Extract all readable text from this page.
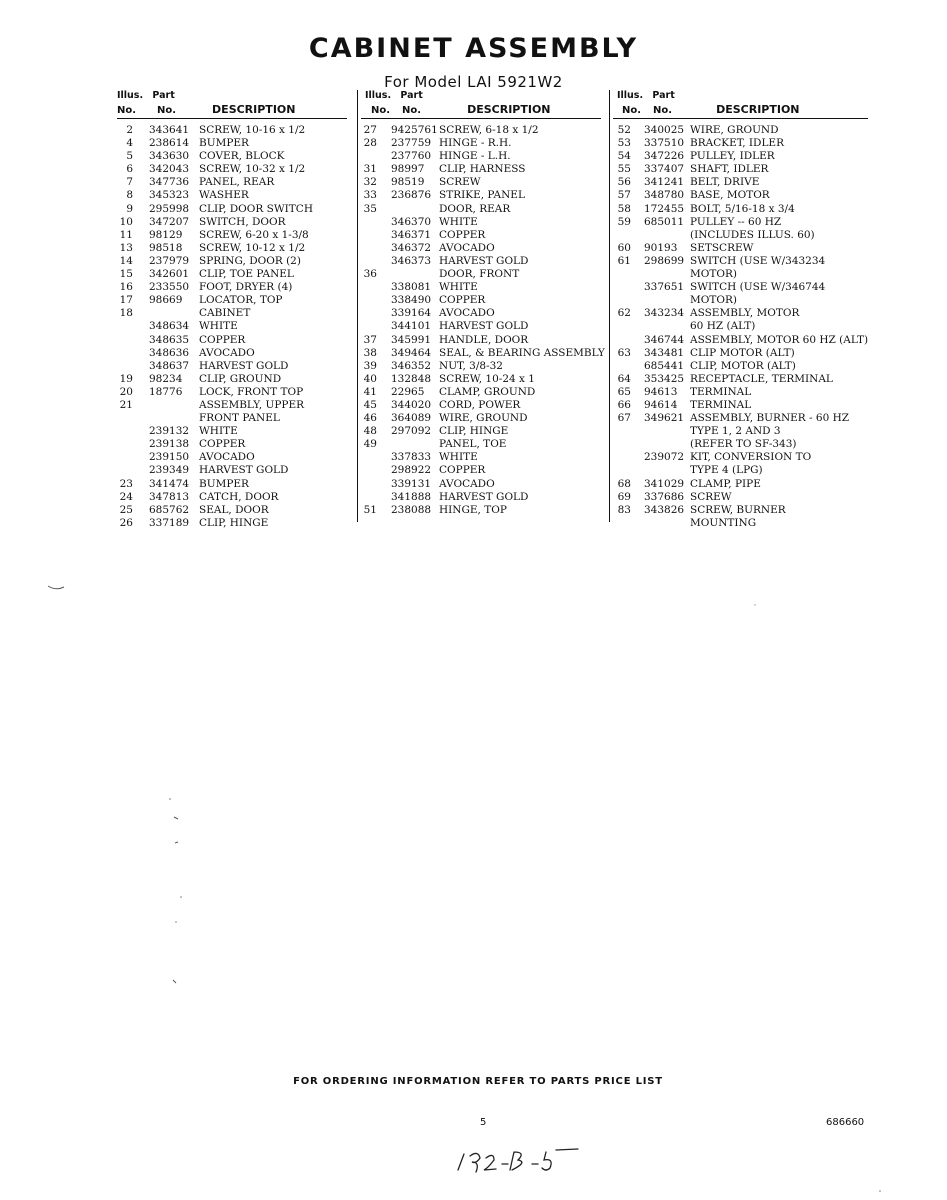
CABINET ASSEMBLY
For Model LAI 5921W2
Illus. Part
No. No.	DESCRIPTION
2 343641 SCREW, 10-16 x 1/2
4 238614 BUMPER
5 343630 COVER, BLOCK
6 342043 SCREW, 10-32 x 1/2
7 347736 PANEL, REAR
8 345323 WASHER
9 295998 CLIP, DOOR SWITCH
10 347207 SWITCH, DOOR
11 98129	SCREW, 6-20 x 1-3/8
13 98518	SCREW, 10-12 x 1/2
14 237979 SPRING, DOOR (2)
15 342601 CLIP, TOE PANEL
16 233550 FOOT, DRYER (4)
17 98669	LOCATOR, TOP
18	CABINET
348634 WHITE
348635 COPPER
348636 AVOCADO
348637 HARVEST GOLD
19 98234	CLIP, GROUND
20 18776	LOCK, FRONT TOP
21	ASSEMBLY, UPPER
FRONT PANEL
239132 WHITE
239138 COPPER
239150 AVOCADO
239349 HARVEST GOLD
23 341474 BUMPER
24 347813 CATCH, DOOR
25 685762 SEAL, DOOR
26 337189 CLIP, HINGE
Illus. Part
No. No.	DESCRIPTION
27 9425761 SCREW, 6-18 x 1/2
28 237759 HINGE - R.H.
237760 HINGE - L.H.
31 98997	CLIP, HARNESS
32 98519	SCREW
33 236876 STRIKE, PANEL
35	DOOR, REAR
346370 WHITE
346371 COPPER
346372 AVOCADO
346373 HARVEST GOLD
36	DOOR, FRONT
338081 WHITE
338490 COPPER
339164 AVOCADO
344101 HARVEST GOLD
37 345991 HANDLE, DOOR
38 349464 SEAL, & BEARING ASSEMBLY
39 346352 NUT, 3/8-32
40 132848 SCREW, 10-24 x 1
41 22965	CLAMP, GROUND
45 344020 CORD, POWER
46 364089 WIRE, GROUND
48 297092 CLIP, HINGE
49	PANEL, TOE
337833 WHITE
298922 COPPER
339131 AVOCADO
341888 HARVEST GOLD
51 238088 HINGE, TOP
Illus. Part
No. No.	DESCRIPTION
52 340025 WIRE, GROUND
53 337510 BRACKET, IDLER
54 347226 PULLEY, IDLER
55 337407 SHAFT, IDLER
56 341241 BELT, DRIVE
57 348780 BASE, MOTOR
58 172455 BOLT, 5/16-18 x 3/4
59 685011 PULLEY -- 60 HZ
(INCLUDES ILLUS. 60)
60 90193	SETSCREW
61 298699 SWITCH (USE W/343234
MOTOR)
337651 SWITCH (USE W/346744
MOTOR)
62 343234 ASSEMBLY, MOTOR
60 HZ (ALT)
346744 ASSEMBLY, MOTOR 60 HZ (ALT)
63 343481 CLIP MOTOR (ALT)
685441 CLIP, MOTOR (ALT)
64 353425 RECEPTACLE, TERMINAL
65 94613	TERMINAL
66 94614	TERMINAL
67 349621 ASSEMBLY, BURNER - 60 HZ
TYPE 1, 2 AND 3
(REFER TO SF-343)
239072 KIT, CONVERSION TO
TYPE 4 (LPG)
68 341029 CLAMP, PIPE
69 337686 SCREW
83 343826 SCREW, BURNER
MOUNTING
FOR ORDERING INFORMATION REFER TO PARTS PRICE LIST
5	686660
